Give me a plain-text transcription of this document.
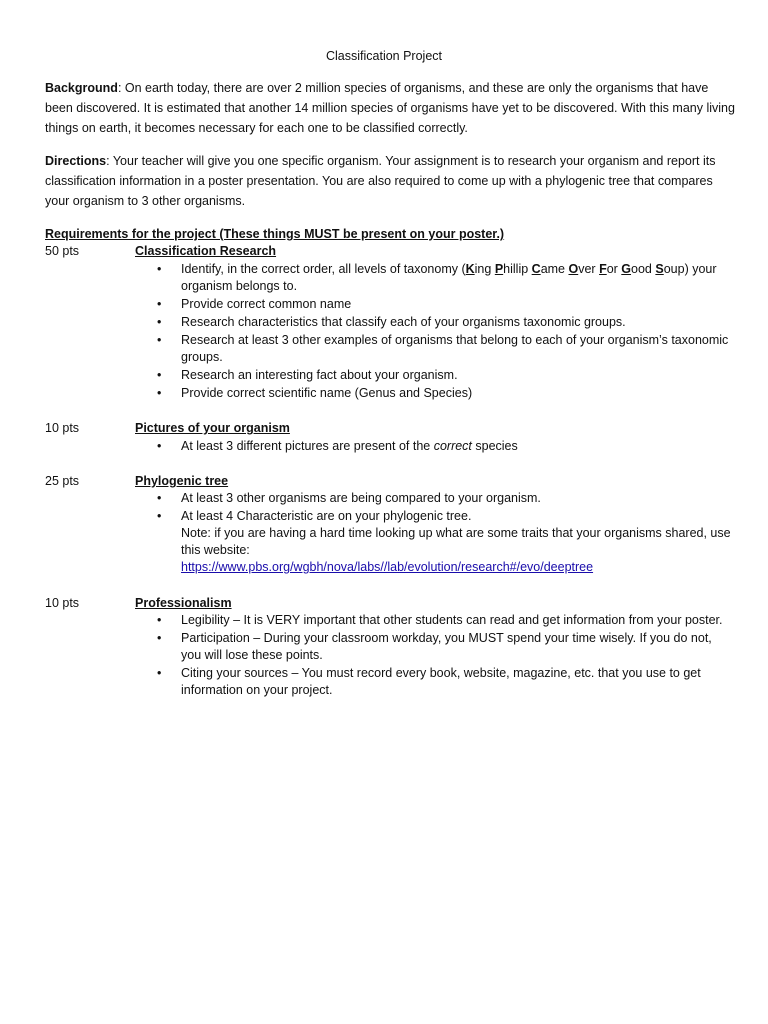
Classification Project

Background: On earth today, there are over 2 million species of organisms, and these are only the organisms that have been discovered. It is estimated that another 14 million species of organisms have yet to be discovered. With this many living things on earth, it becomes necessary for each one to be classified correctly.

Directions: Your teacher will give you one specific organism. Your assignment is to research your organism and report its classification information in a poster presentation. You are also required to come up with a phylogenic tree that compares your organism to 3 other organisms.

Requirements for the project (These things MUST be present on your poster.)
50 pts	Classification Research
• Identify, in the correct order, all levels of taxonomy (King Phillip Came Over For Good Soup) your organism belongs to.
• Provide correct common name
• Research characteristics that classify each of your organisms taxonomic groups.
• Research at least 3 other examples of organisms that belong to each of your organism’s taxonomic groups.
• Research an interesting fact about your organism.
• Provide correct scientific name (Genus and Species)
10 pts	Pictures of your organism
• At least 3 different pictures are present of the correct species
25 pts	Phylogenic tree
• At least 3 other organisms are being compared to your organism.
• At least 4 Characteristic are on your phylogenic tree.
Note: if you are having a hard time looking up what are some traits that your organisms shared, use this website:
https://www.pbs.org/wgbh/nova/labs//lab/evolution/research#/evo/deeptree
10 pts	Professionalism
• Legibility – It is VERY important that other students can read and get information from your poster.
• Participation – During your classroom workday, you MUST spend your time wisely. If you do not, you will lose these points.
• Citing your sources – You must record every book, website, magazine, etc. that you use to get information on your project.
